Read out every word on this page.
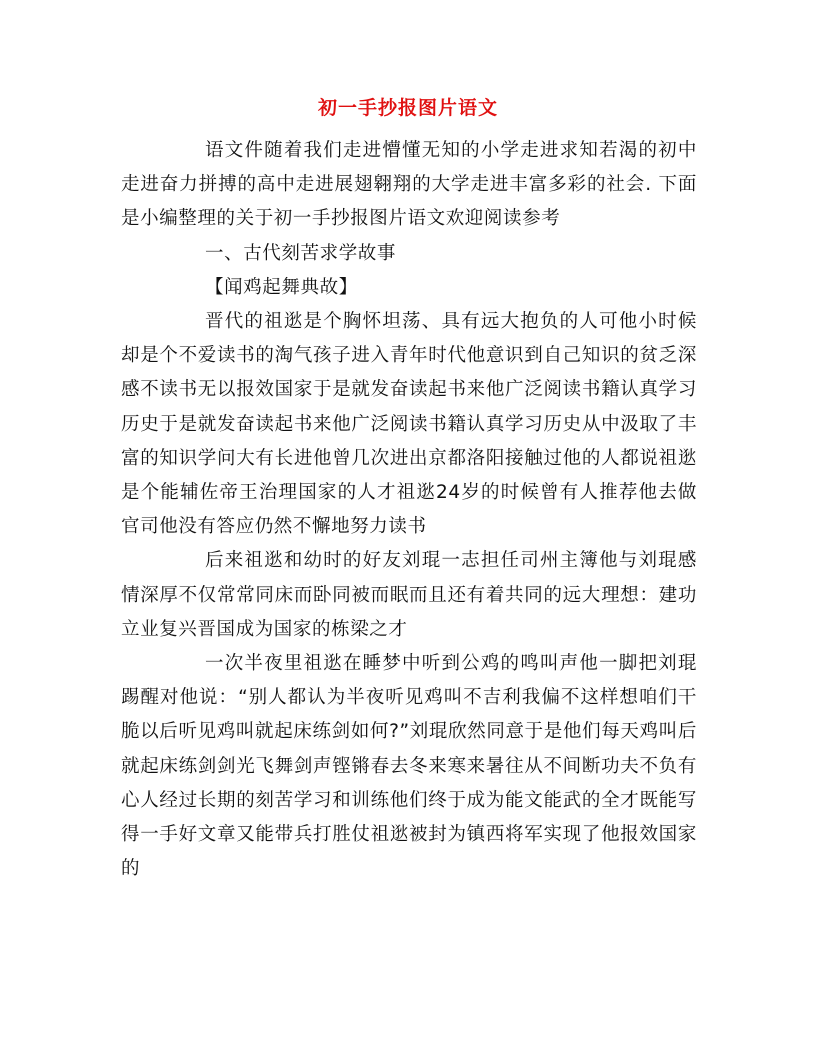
初一手抄报图片语文

语文件随着我们走进懵懂无知的小学走进求知若渴的初中走进奋力拼搏的高中走进展翅翱翔的大学走进丰富多彩的社会. 下面是小编整理的关于初一手抄报图片语文欢迎阅读参考

一、古代刻苦求学故事

【闻鸡起舞典故】

晋代的祖逖是个胸怀坦荡、具有远大抱负的人可他小时候却是个不爱读书的淘气孩子进入青年时代他意识到自己知识的贫乏深感不读书无以报效国家于是就发奋读起书来他广泛阅读书籍认真学习历史于是就发奋读起书来他广泛阅读书籍认真学习历史从中汲取了丰富的知识学问大有长进他曾几次进出京都洛阳接触过他的人都说祖逖是个能辅佐帝王治理国家的人才祖逖24岁的时候曾有人推荐他去做官司他没有答应仍然不懈地努力读书

后来祖逖和幼时的好友刘琨一志担任司州主簿他与刘琨感情深厚不仅常常同床而卧同被而眠而且还有着共同的远大理想：建功立业复兴晋国成为国家的栋梁之才

一次半夜里祖逖在睡梦中听到公鸡的鸣叫声他一脚把刘琨踢醒对他说：“别人都认为半夜听见鸡叫不吉利我偏不这样想咱们干脆以后听见鸡叫就起床练剑如何?”刘琨欣然同意于是他们每天鸡叫后就起床练剑剑光飞舞剑声铿锵春去冬来寒来暑往从不间断功夫不负有心人经过长期的刻苦学习和训练他们终于成为能文能武的全才既能写得一手好文章又能带兵打胜仗祖逖被封为镇西将军实现了他报效国家的
